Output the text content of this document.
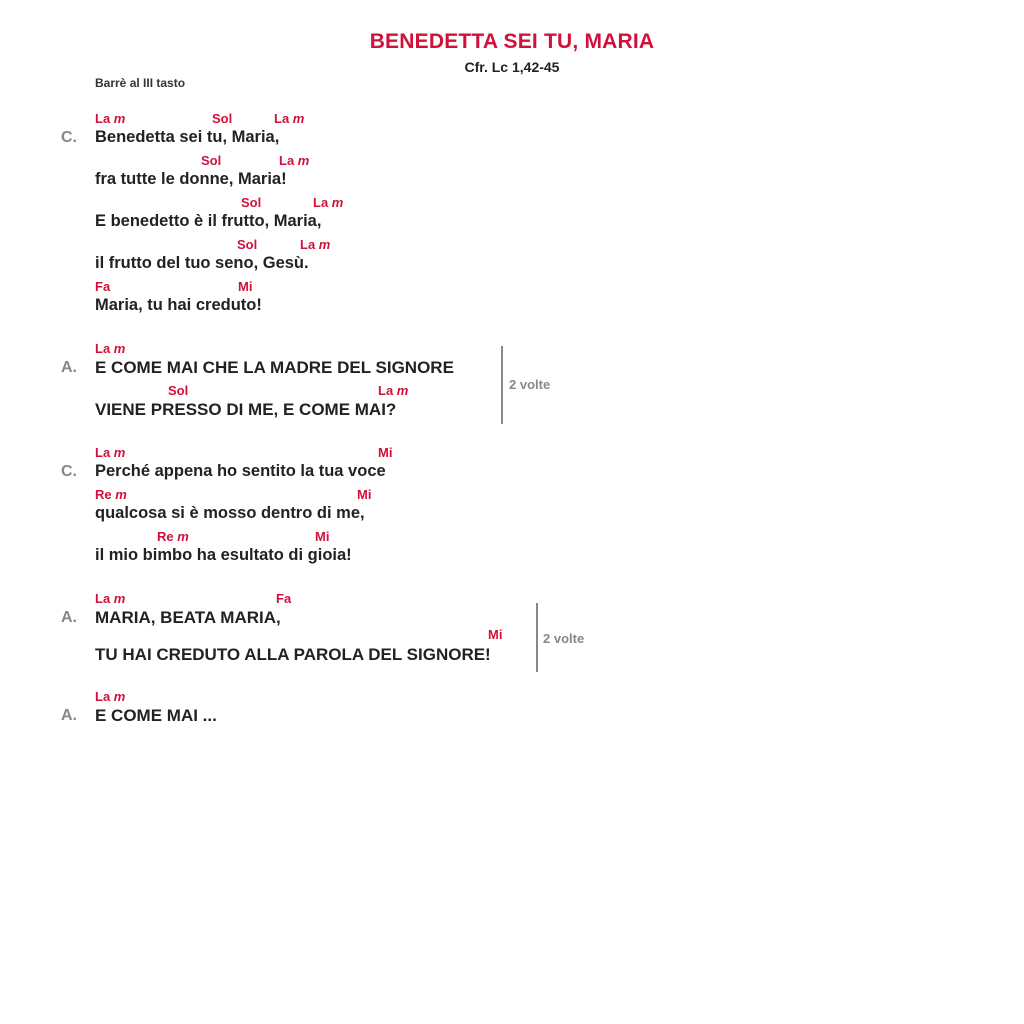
BENEDETTA SEI TU, MARIA
Cfr. Lc 1,42-45
Barrè al III tasto
La m	Sol	La m
C. Benedetta sei tu, Maria,
Sol	La m
fra tutte le donne, Maria!
Sol	La m
E benedetto è il frutto, Maria,
Sol	La m
il frutto del tuo seno, Gesù.
Fa	Mi
Maria, tu hai creduto!
La m
A. E COME MAI CHE LA MADRE DEL SIGNORE
Sol	La m
VIENE PRESSO DI ME, E COME MAI?
2 volte
La m	Mi
C. Perché appena ho sentito la tua voce
Re m	Mi
qualcosa si è mosso dentro di me,
Re m	Mi
il mio bimbo ha esultato di gioia!
La m	Fa
A. MARIA, BEATA MARIA,
Mi
TU HAI CREDUTO ALLA PAROLA DEL SIGNORE!
2 volte
La m
A. E COME MAI ...
